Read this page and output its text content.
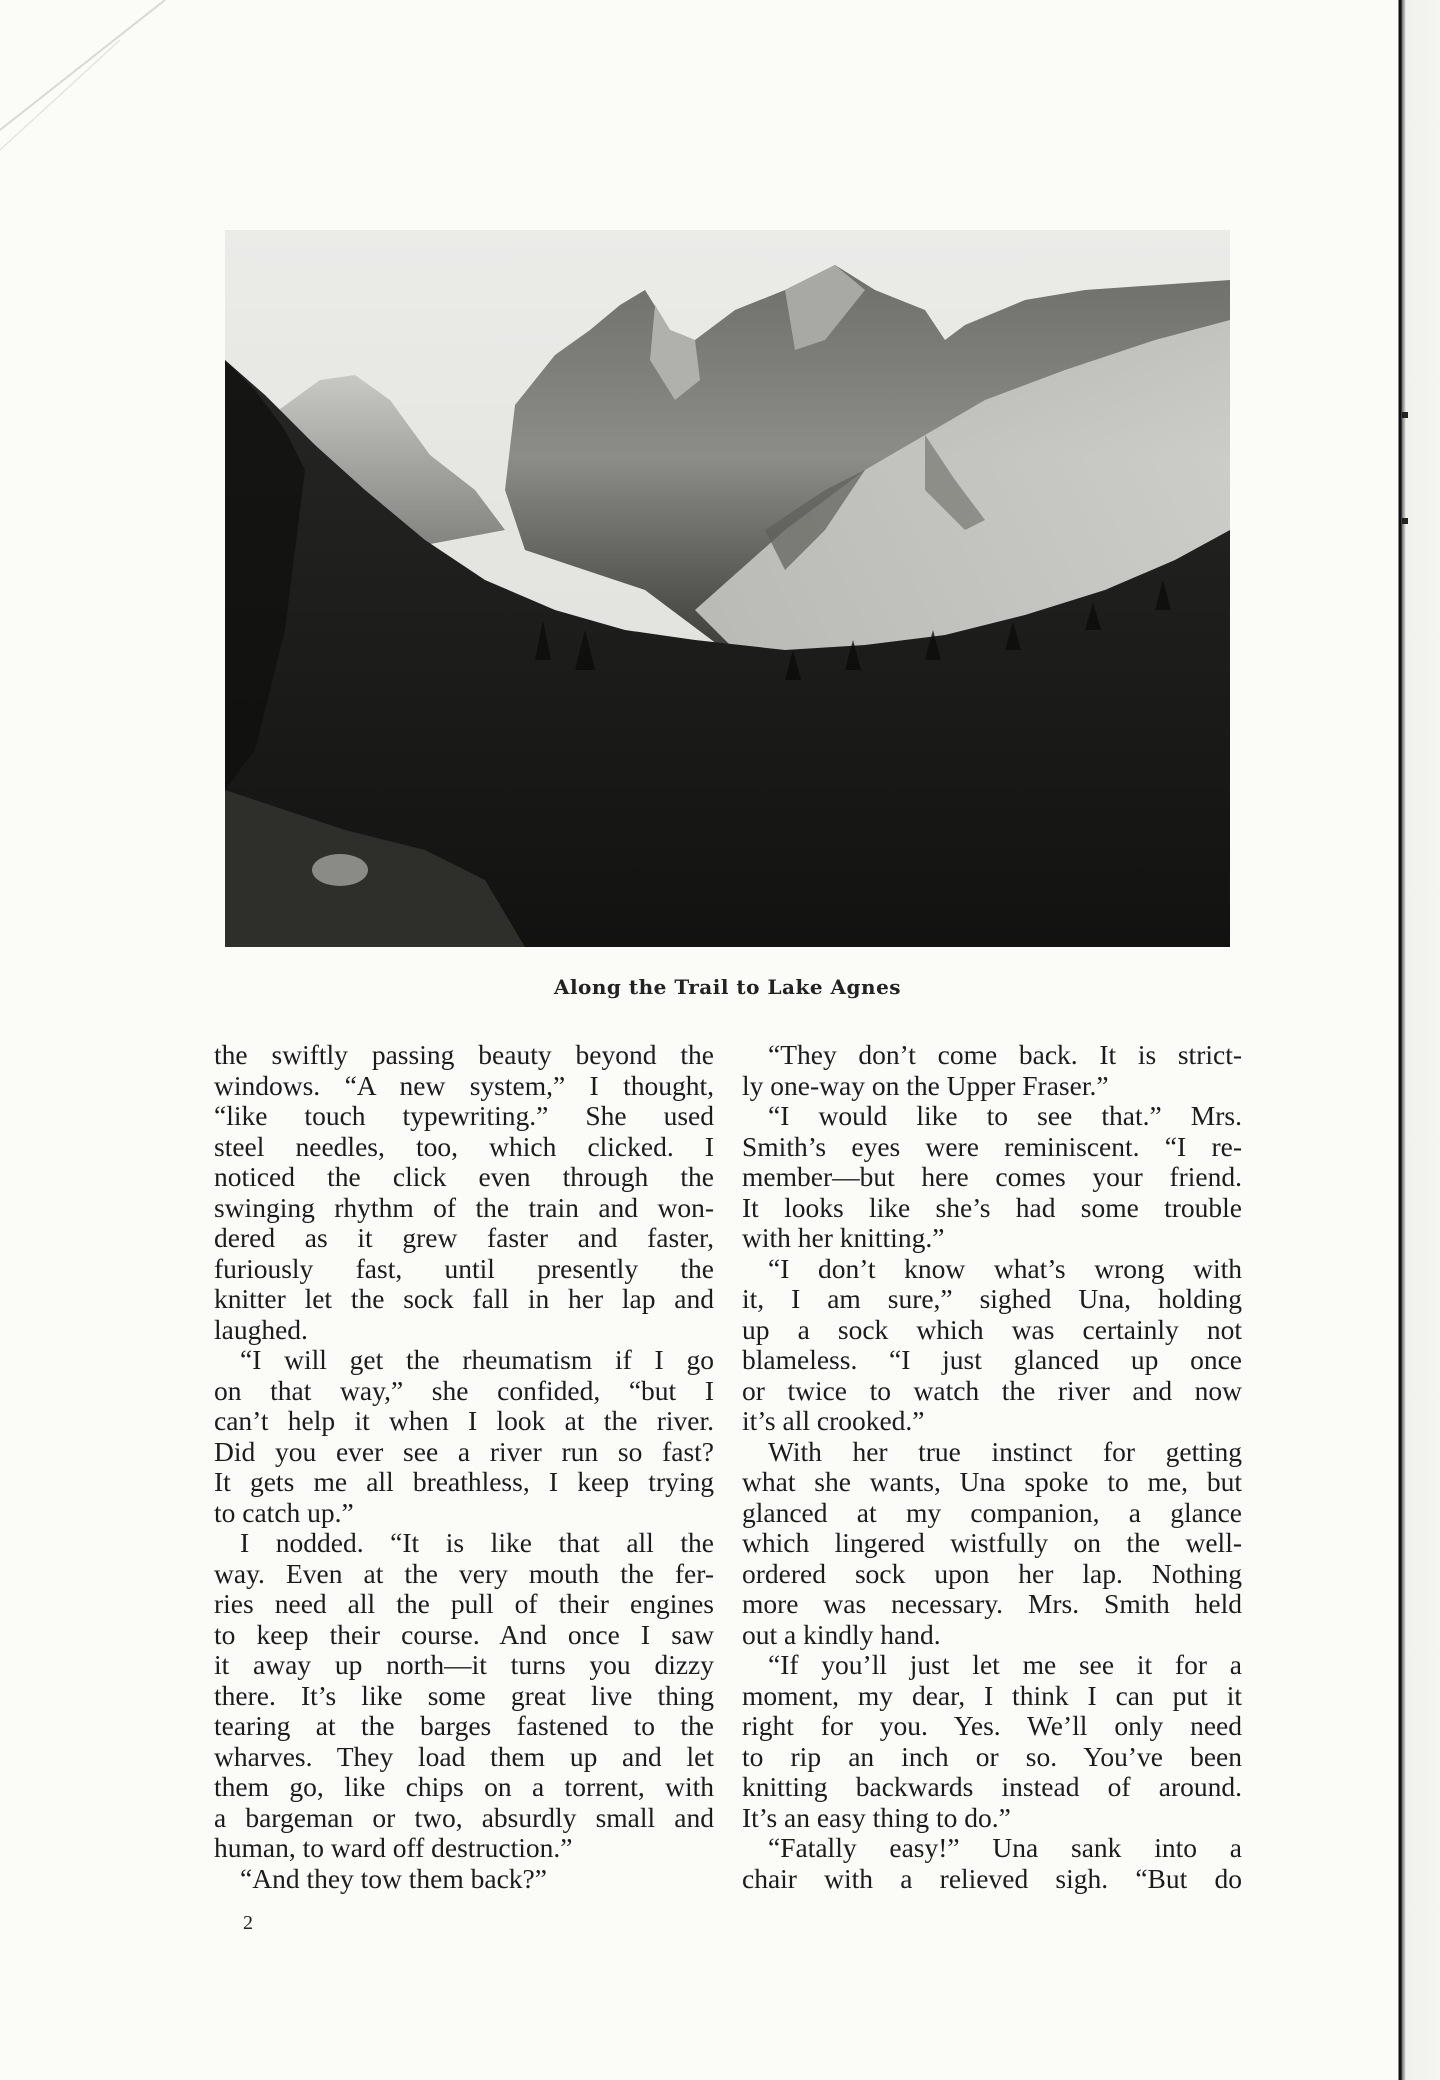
Along the Trail to Lake Agnes

the swiftly passing beauty beyond the

windows. “A new system,” I thought,

“like touch typewriting.” She used

steel needles, too, which clicked. I

noticed the click even through the

swinging rhythm of the train and won-

dered as it grew faster and faster,

furiously fast, until presently the

knitter let the sock fall in her lap and

laughed.

“I will get the rheumatism if I go

on that way,” she confided, “but I

can’t help it when I look at the river.

Did you ever see a river run so fast?

It gets me all breathless, I keep trying

to catch up.”

I nodded. “It is like that all the

way. Even at the very mouth the fer-

ries need all the pull of their engines

to keep their course. And once I saw

it away up north—it turns you dizzy

there. It’s like some great live thing

tearing at the barges fastened to the

wharves. They load them up and let

them go, like chips on a torrent, with

a bargeman or two, absurdly small and

human, to ward off destruction.”

“And they tow them back?”

“They don’t come back. It is strict-

ly one-way on the Upper Fraser.”

“I would like to see that.” Mrs.

Smith’s eyes were reminiscent. “I re-

member—but here comes your friend.

It looks like she’s had some trouble

with her knitting.”

“I don’t know what’s wrong with

it, I am sure,” sighed Una, holding

up a sock which was certainly not

blameless. “I just glanced up once

or twice to watch the river and now

it’s all crooked.”

With her true instinct for getting

what she wants, Una spoke to me, but

glanced at my companion, a glance

which lingered wistfully on the well-

ordered sock upon her lap. Nothing

more was necessary. Mrs. Smith held

out a kindly hand.

“If you’ll just let me see it for a

moment, my dear, I think I can put it

right for you. Yes. We’ll only need

to rip an inch or so. You’ve been

knitting backwards instead of around.

It’s an easy thing to do.”

“Fatally easy!” Una sank into a

chair with a relieved sigh. “But do

2
